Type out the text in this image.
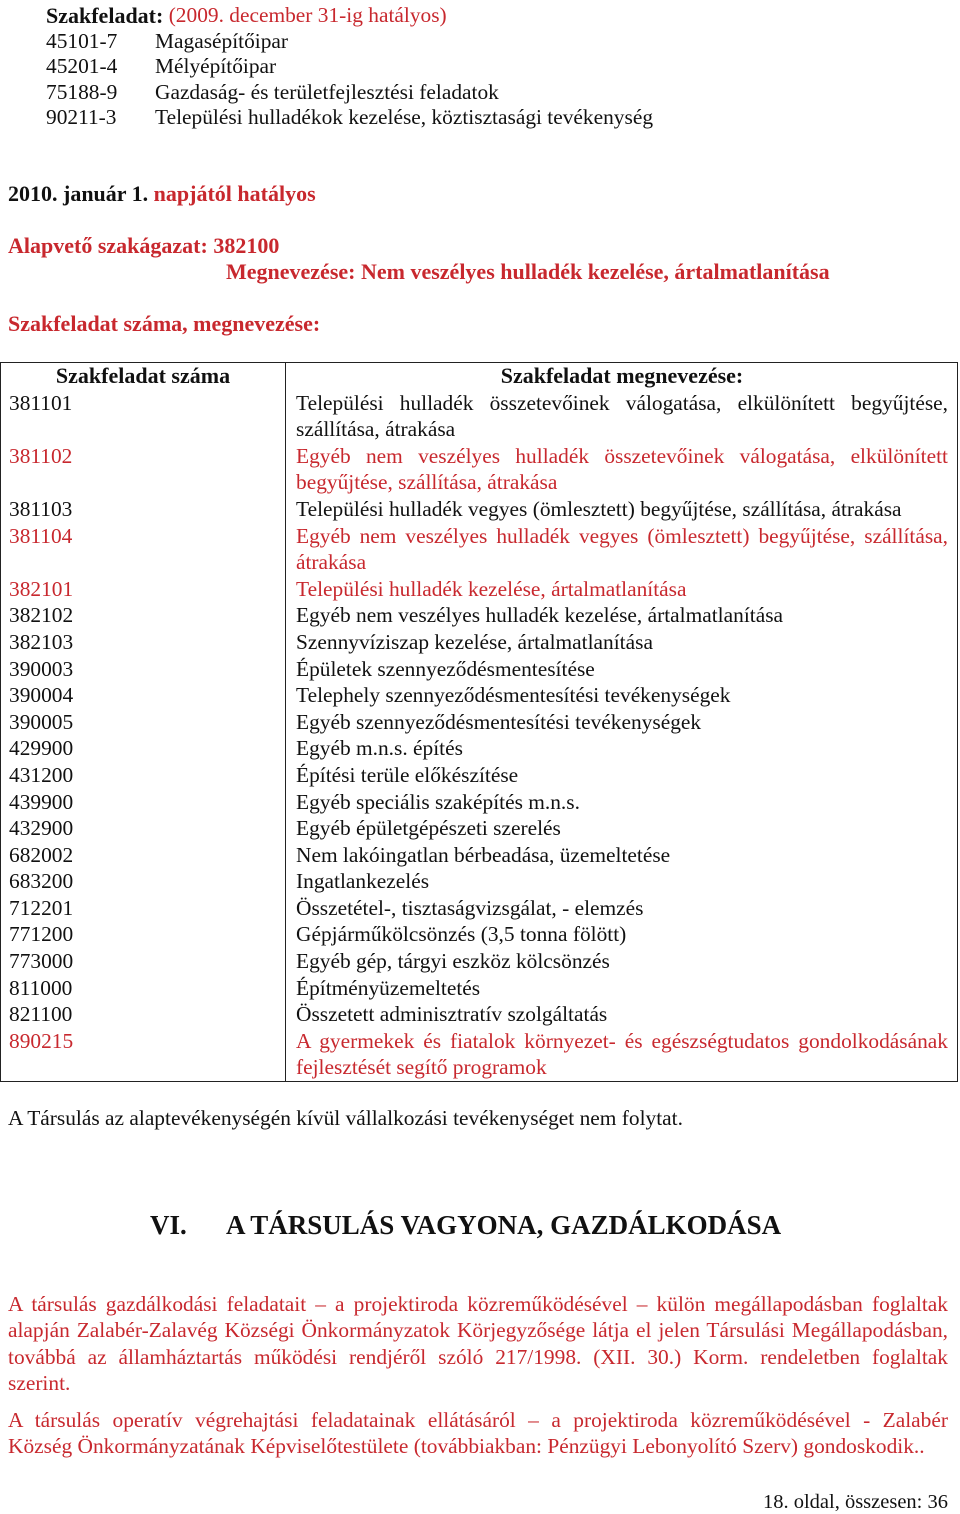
Szakfeladat:
(2009. december 31-ig hatályos)
45101-7	Magasépítőipar
45201-4	Mélyépítőipar
75188-9	Gazdaság- és területfejlesztési feladatok
90211-3	Települési hulladékok kezelése, köztisztasági tevékenység
2010. január 1. napjától hatályos
Alapvető szakágazat: 382100
Megnevezése: Nem veszélyes hulladék kezelése, ártalmatlanítása
Szakfeladat száma, megnevezése:
Szakfeladat száma	Szakfeladat megnevezése:
381101	Települési hulladék összetevőinek válogatása, elkülönített begyűjtése, szállítása, átrakása
381102	Egyéb nem veszélyes hulladék összetevőinek válogatása, elkülönített begyűjtése, szállítása, átrakása
381103	Települési hulladék vegyes (ömlesztett) begyűjtése, szállítása, átrakása
381104	Egyéb nem veszélyes hulladék vegyes (ömlesztett) begyűjtése, szállítása, átrakása
382101	Települési hulladék kezelése, ártalmatlanítása
382102	Egyéb nem veszélyes hulladék kezelése, ártalmatlanítása
382103	Szennyvíziszap kezelése, ártalmatlanítása
390003	Épületek szennyeződésmentesítése
390004	Telephely szennyeződésmentesítési tevékenységek
390005	Egyéb szennyeződésmentesítési tevékenységek
429900	Egyéb m.n.s. építés
431200	Építési terüle előkészítése
439900	Egyéb speciális szaképítés m.n.s.
432900	Egyéb épületgépészeti szerelés
682002	Nem lakóingatlan bérbeadása, üzemeltetése
683200	Ingatlankezelés
712201	Összetétel-, tisztaságvizsgálat, - elemzés
771200	Gépjárműkölcsönzés (3,5 tonna fölött)
773000	Egyéb gép, tárgyi eszköz kölcsönzés
811000	Építményüzemeltetés
821100	Összetett adminisztratív szolgáltatás
890215	A gyermekek és fiatalok környezet- és egészségtudatos gondolkodásának fejlesztését segítő programok
A Társulás az alaptevékenységén kívül vállalkozási tevékenységet nem folytat.
VI.	A TÁRSULÁS VAGYONA, GAZDÁLKODÁSA
A társulás gazdálkodási feladatait – a projektiroda közreműködésével – külön megállapodásban foglaltak
alapján Zalabér-Zalavég Községi Önkormányzatok Körjegyzősége látja el jelen Társulási Megállapodásban,
továbbá az államháztartás működési rendjéről szóló 217/1998. (XII. 30.) Korm. rendeletben foglaltak
szerint.
A társulás operatív végrehajtási feladatainak ellátásáról – a projektiroda közreműködésével - Zalabér
Község Önkormányzatának Képviselőtestülete (továbbiakban: Pénzügyi Lebonyolító Szerv) gondoskodik..
18. oldal, összesen: 36
